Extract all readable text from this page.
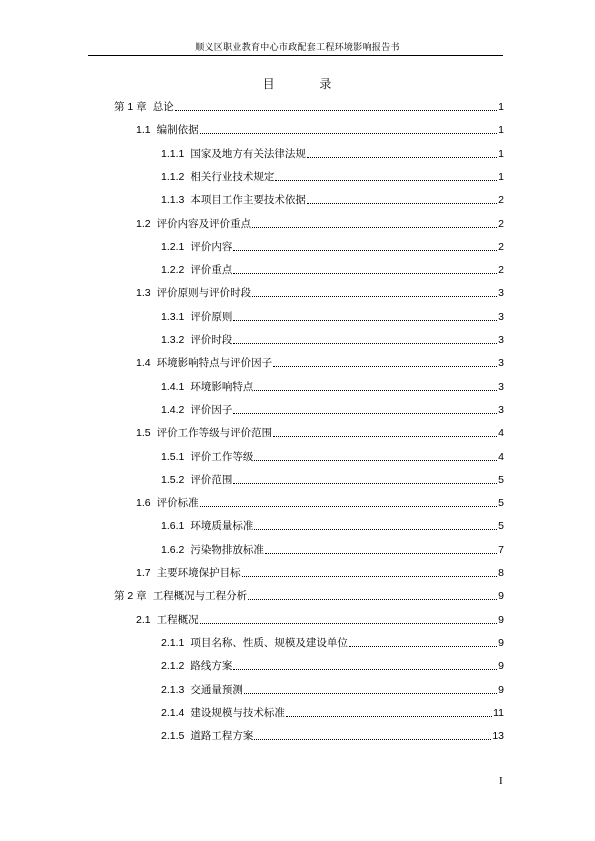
顺义区职业教育中心市政配套工程环境影响报告书
目	录
第 1 章 总论	1
1.1 编制依据	1
1.1.1 国家及地方有关法律法规	1
1.1.2 相关行业技术规定	1
1.1.3 本项目工作主要技术依据	2
1.2 评价内容及评价重点	2
1.2.1 评价内容	2
1.2.2 评价重点	2
1.3 评价原则与评价时段	3
1.3.1 评价原则	3
1.3.2 评价时段	3
1.4 环境影响特点与评价因子	3
1.4.1 环境影响特点	3
1.4.2 评价因子	3
1.5 评价工作等级与评价范围	4
1.5.1 评价工作等级	4
1.5.2 评价范围	5
1.6 评价标准	5
1.6.1 环境质量标准	5
1.6.2 污染物排放标准	7
1.7 主要环境保护目标	8
第 2 章 工程概况与工程分析	9
2.1 工程概况	9
2.1.1 项目名称、性质、规模及建设单位	9
2.1.2 路线方案	9
2.1.3 交通量预测	9
2.1.4 建设规模与技术标准	11
2.1.5 道路工程方案	13
I
